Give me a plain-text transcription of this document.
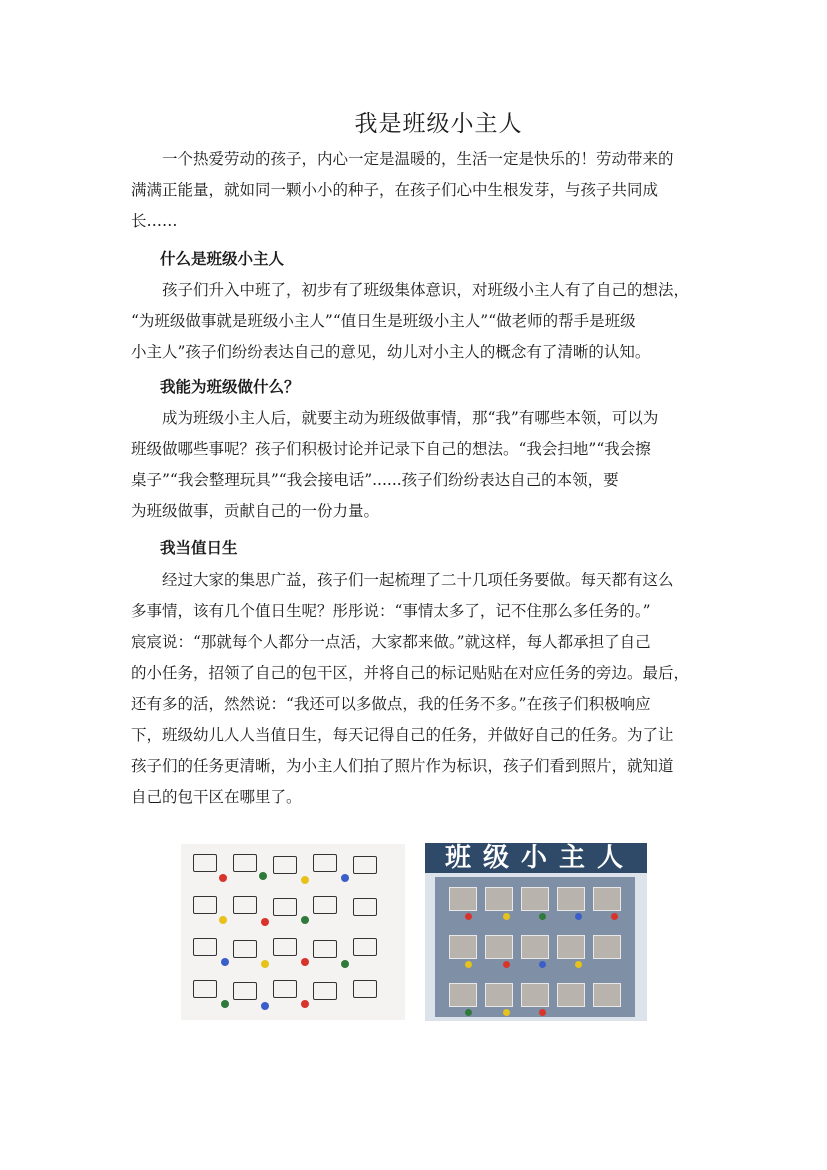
我是班级小主人
一个热爱劳动的孩子，内心一定是温暖的，生活一定是快乐的！劳动带来的
满满正能量，就如同一颗小小的种子，在孩子们心中生根发芽，与孩子共同成
长……
什么是班级小主人
孩子们升入中班了，初步有了班级集体意识，对班级小主人有了自己的想法，
“为班级做事就是班级小主人”“值日生是班级小主人”“做老师的帮手是班级
小主人”孩子们纷纷表达自己的意见，幼儿对小主人的概念有了清晰的认知。
我能为班级做什么？
成为班级小主人后，就要主动为班级做事情，那“我”有哪些本领，可以为
班级做哪些事呢？孩子们积极讨论并记录下自己的想法。“我会扫地”“我会擦
桌子”“我会整理玩具”“我会接电话”......孩子们纷纷表达自己的本领，要
为班级做事，贡献自己的一份力量。
我当值日生
经过大家的集思广益，孩子们一起梳理了二十几项任务要做。每天都有这么
多事情，该有几个值日生呢？彤彤说：“事情太多了，记不住那么多任务的。”
宸宸说：“那就每个人都分一点活，大家都来做。”就这样，每人都承担了自己
的小任务，招领了自己的包干区，并将自己的标记贴贴在对应任务的旁边。最后，
还有多的活，然然说：“我还可以多做点，我的任务不多。”在孩子们积极响应
下，班级幼儿人人当值日生，每天记得自己的任务，并做好自己的任务。为了让
孩子们的任务更清晰，为小主人们拍了照片作为标识，孩子们看到照片，就知道
自己的包干区在哪里了。
班级小主人
